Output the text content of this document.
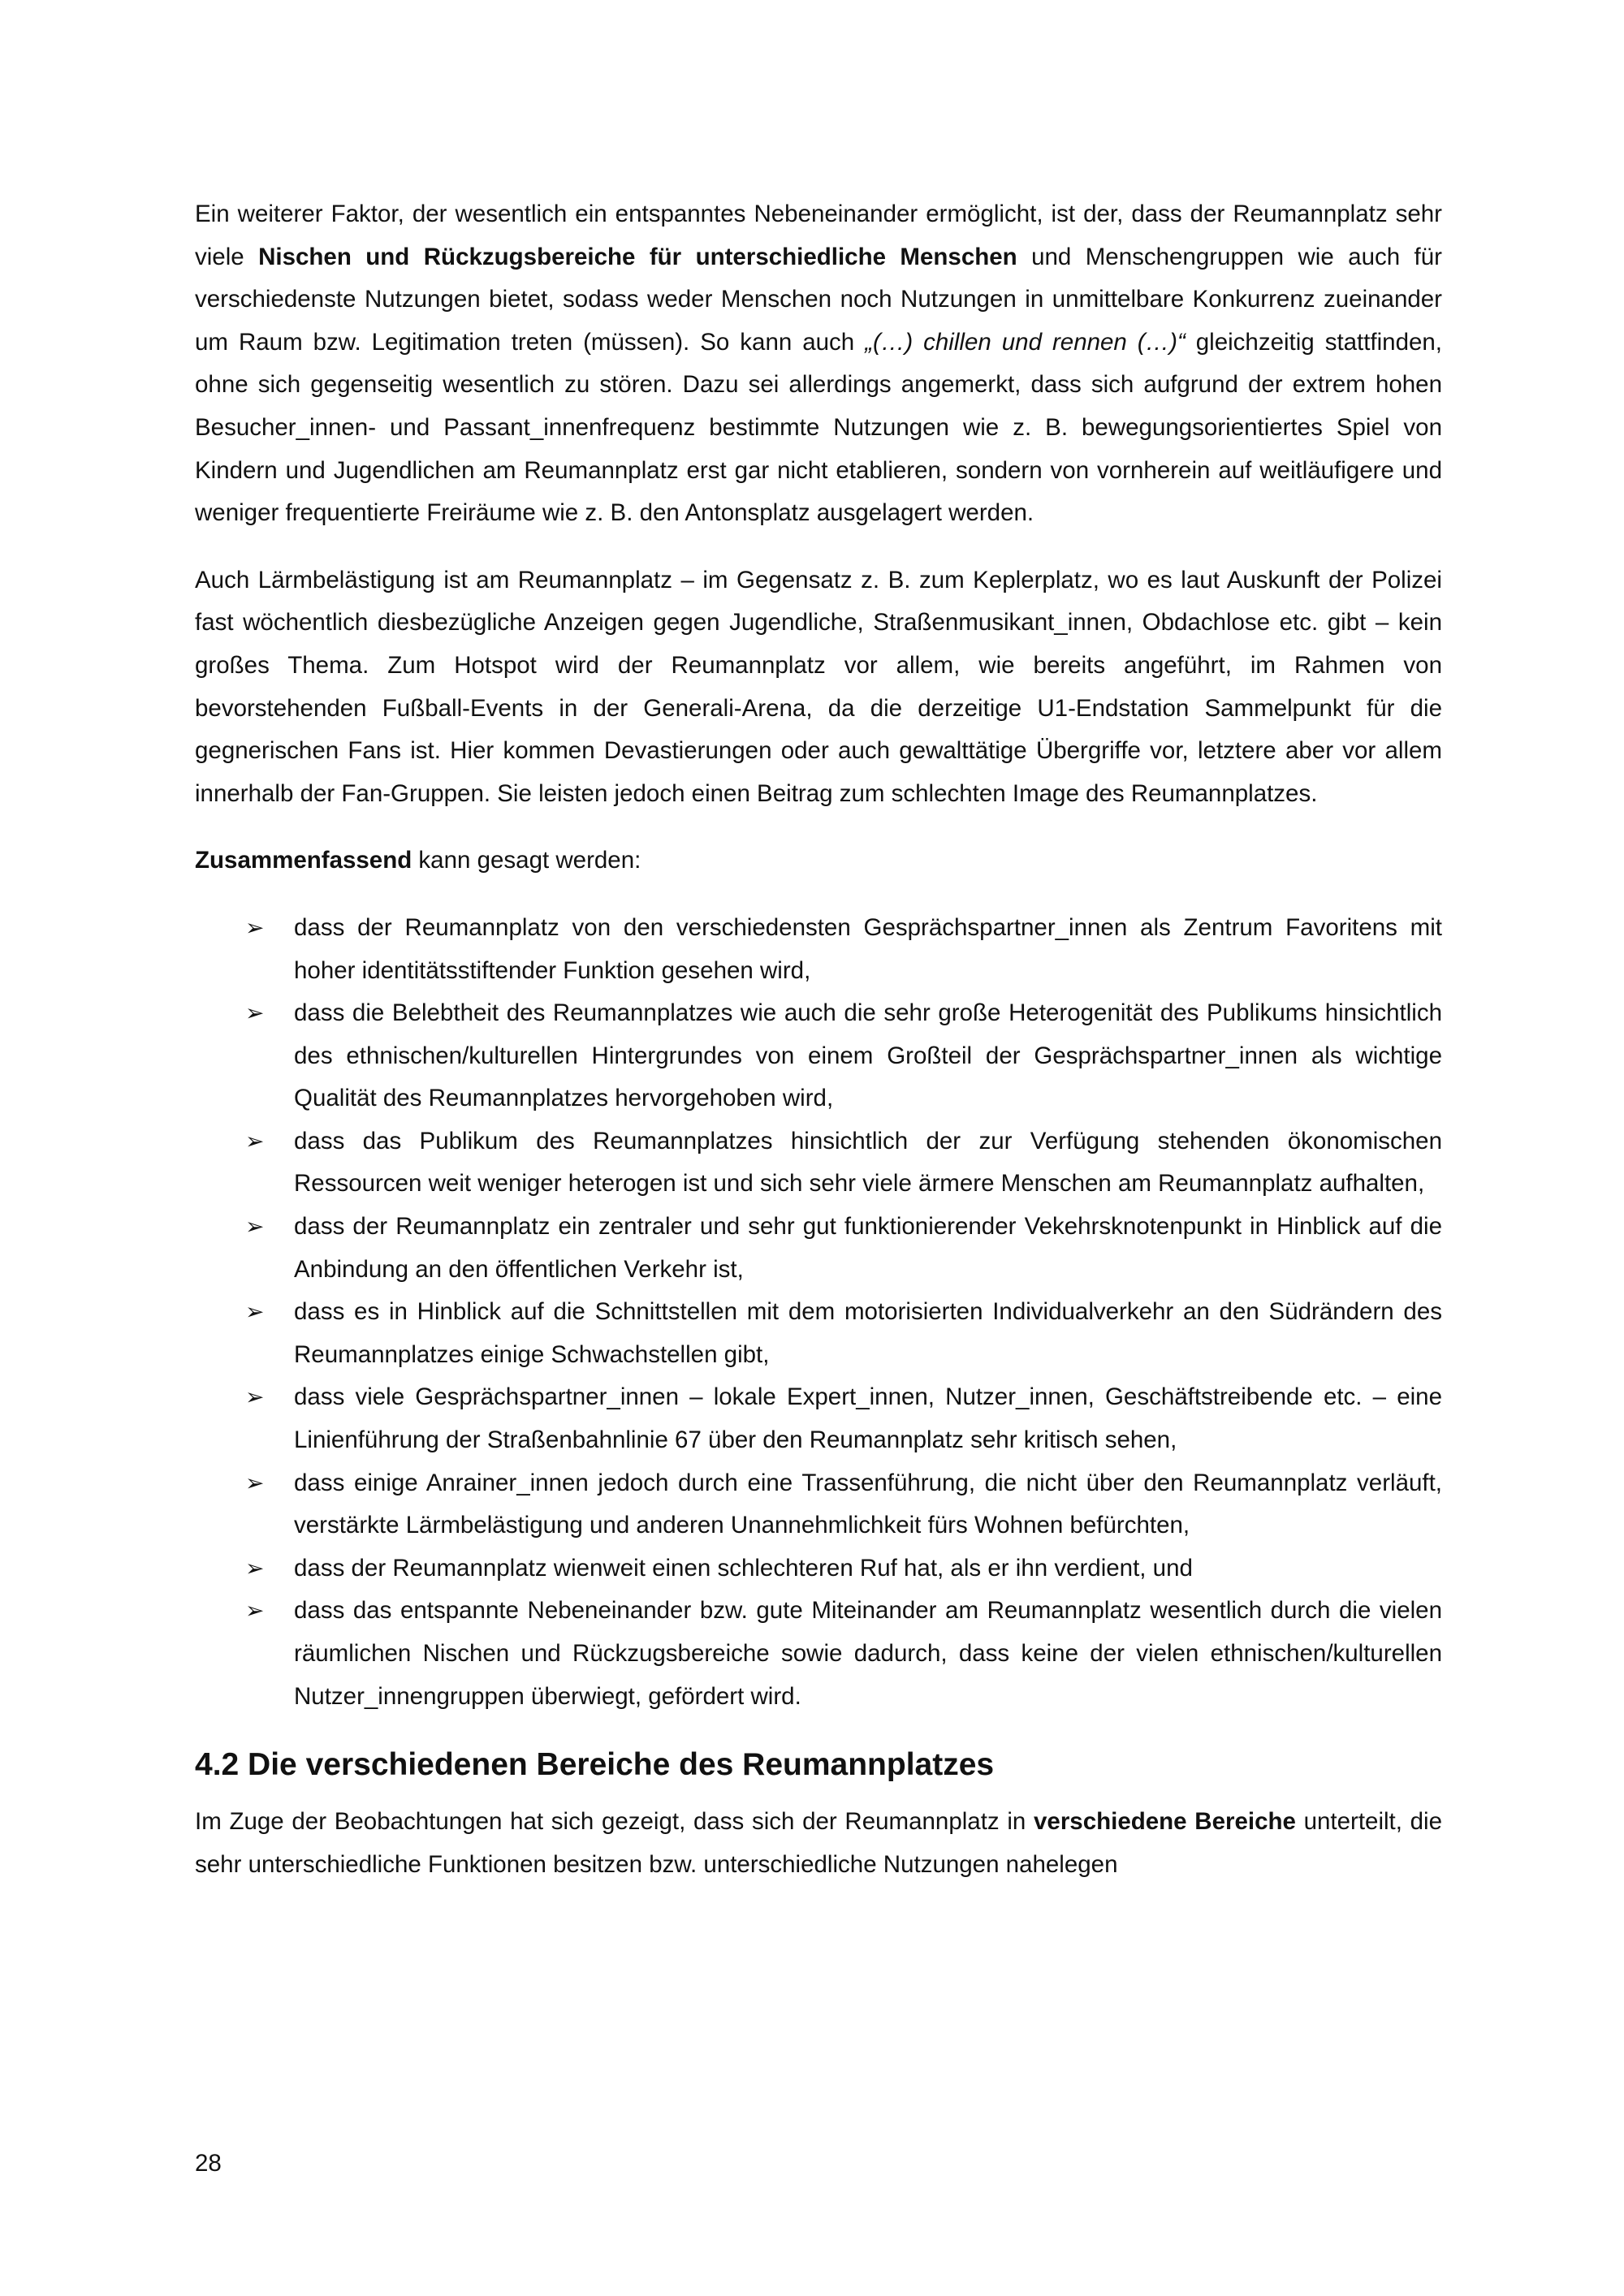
Ein weiterer Faktor, der wesentlich ein entspanntes Nebeneinander ermöglicht, ist der, dass der Reumannplatz sehr viele Nischen und Rückzugsbereiche für unterschiedliche Menschen und Menschengruppen wie auch für verschiedenste Nutzungen bietet, sodass weder Menschen noch Nutzungen in unmittelbare Konkurrenz zueinander um Raum bzw. Legitimation treten (müssen). So kann auch „(…) chillen und rennen (…)“ gleichzeitig stattfinden, ohne sich gegenseitig wesentlich zu stören. Dazu sei allerdings angemerkt, dass sich aufgrund der extrem hohen Besucher_innen- und Passant_innenfrequenz bestimmte Nutzungen wie z. B. bewegungsorientiertes Spiel von Kindern und Jugendlichen am Reumannplatz erst gar nicht etablieren, sondern von vornherein auf weitläufigere und weniger frequentierte Freiräume wie z. B. den Antonsplatz ausgelagert werden.

Auch Lärmbelästigung ist am Reumannplatz – im Gegensatz z. B. zum Keplerplatz, wo es laut Auskunft der Polizei fast wöchentlich diesbezügliche Anzeigen gegen Jugendliche, Straßenmusikant_innen, Obdachlose etc. gibt – kein großes Thema. Zum Hotspot wird der Reumannplatz vor allem, wie bereits angeführt, im Rahmen von bevorstehenden Fußball-Events in der Generali-Arena, da die derzeitige U1-Endstation Sammelpunkt für die gegnerischen Fans ist. Hier kommen Devastierungen oder auch gewalttätige Übergriffe vor, letztere aber vor allem innerhalb der Fan-Gruppen. Sie leisten jedoch einen Beitrag zum schlechten Image des Reumannplatzes.

Zusammenfassend kann gesagt werden:

➢ dass der Reumannplatz von den verschiedensten Gesprächspartner_innen als Zentrum Favoritens mit hoher identitätsstiftender Funktion gesehen wird,
➢ dass die Belebtheit des Reumannplatzes wie auch die sehr große Heterogenität des Publikums hinsichtlich des ethnischen/kulturellen Hintergrundes von einem Großteil der Gesprächspartner_innen als wichtige Qualität des Reumannplatzes hervorgehoben wird,
➢ dass das Publikum des Reumannplatzes hinsichtlich der zur Verfügung stehenden ökonomischen Ressourcen weit weniger heterogen ist und sich sehr viele ärmere Menschen am Reumannplatz aufhalten,
➢ dass der Reumannplatz ein zentraler und sehr gut funktionierender Vekehrsknotenpunkt in Hinblick auf die Anbindung an den öffentlichen Verkehr ist,
➢ dass es in Hinblick auf die Schnittstellen mit dem motorisierten Individualverkehr an den Südrändern des Reumannplatzes einige Schwachstellen gibt,
➢ dass viele Gesprächspartner_innen – lokale Expert_innen, Nutzer_innen, Geschäftstreibende etc. – eine Linienführung der Straßenbahnlinie 67 über den Reumannplatz sehr kritisch sehen,
➢ dass einige Anrainer_innen jedoch durch eine Trassenführung, die nicht über den Reumannplatz verläuft, verstärkte Lärmbelästigung und anderen Unannehmlichkeit fürs Wohnen befürchten,
➢ dass der Reumannplatz wienweit einen schlechteren Ruf hat, als er ihn verdient, und
➢ dass das entspannte Nebeneinander bzw. gute Miteinander am Reumannplatz wesentlich durch die vielen räumlichen Nischen und Rückzugsbereiche sowie dadurch, dass keine der vielen ethnischen/kulturellen Nutzer_innengruppen überwiegt, gefördert wird.
4.2 Die verschiedenen Bereiche des Reumannplatzes

Im Zuge der Beobachtungen hat sich gezeigt, dass sich der Reumannplatz in verschiedene Bereiche unterteilt, die sehr unterschiedliche Funktionen besitzen bzw. unterschiedliche Nutzungen nahelegen

28
